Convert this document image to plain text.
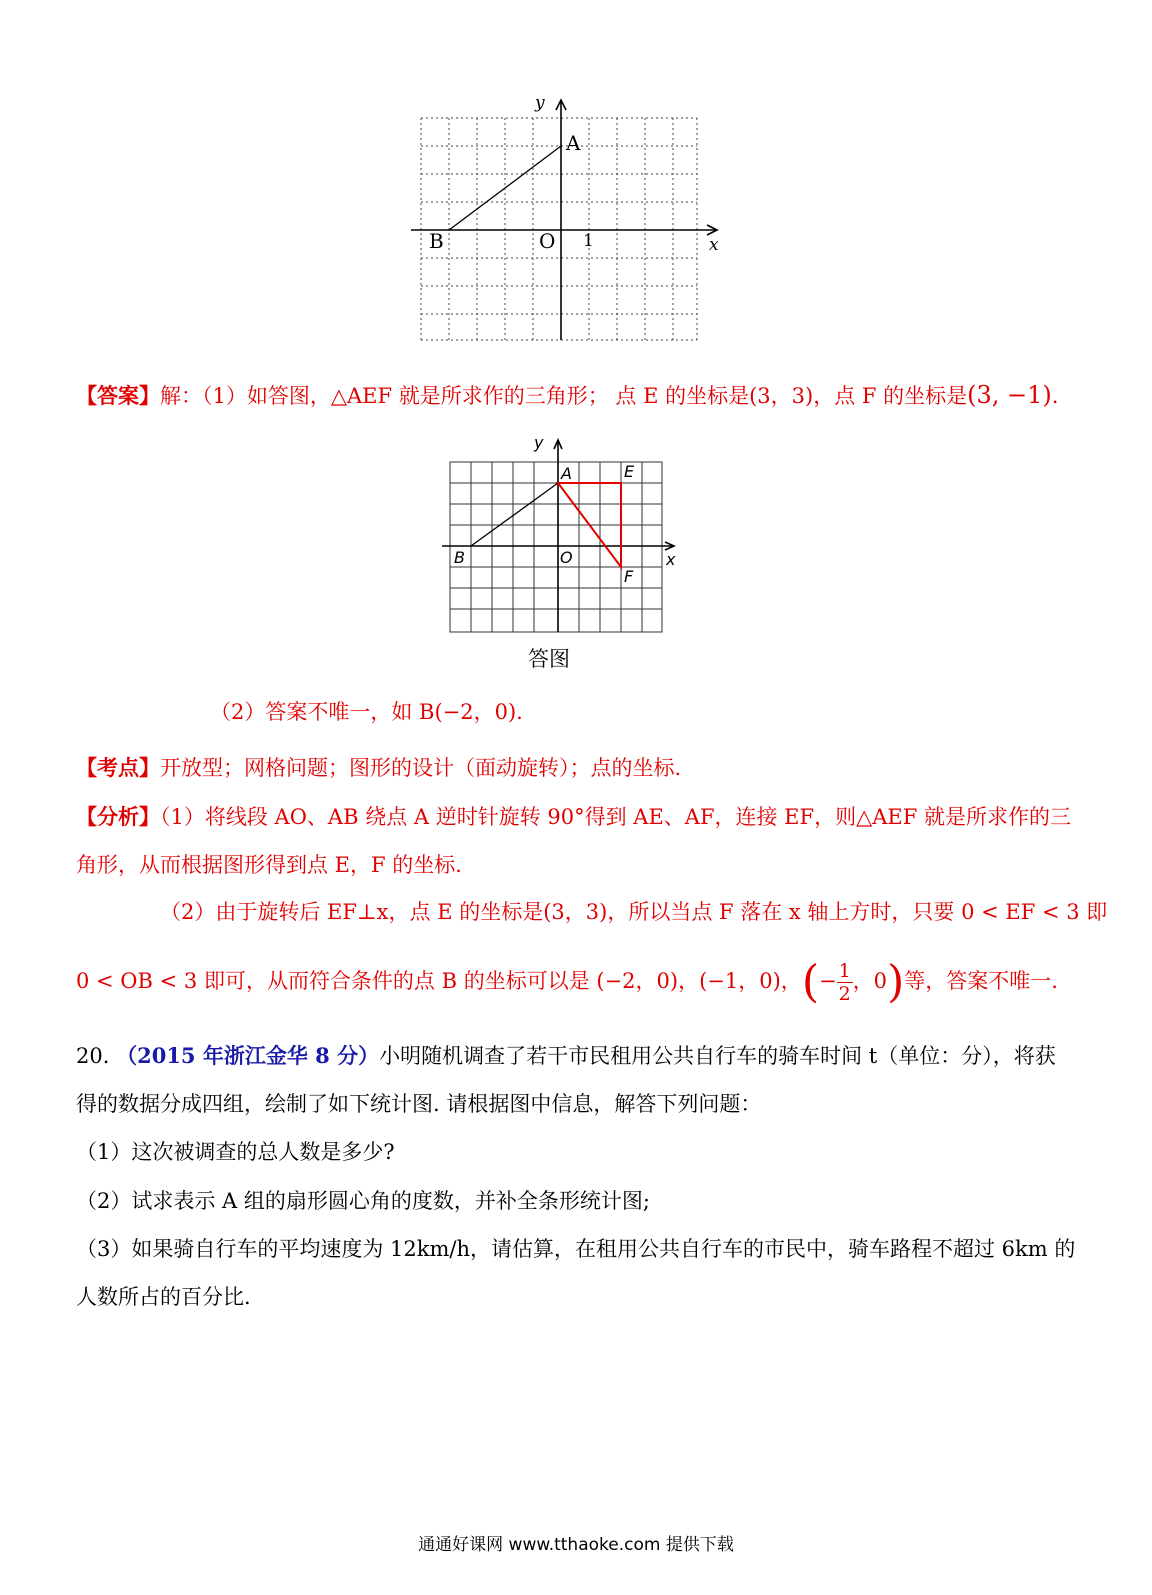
y
x
A
B	O 1
【答案】解：（1）如答图，△AEF 就是所求作的三角形； 点 E 的坐标是(3，3)，点 F 的坐标是(3, −1).
y
x
A	E
B	O
F
答图
（2）答案不唯一，如 B(−2，0).
【考点】开放型；网格问题；图形的设计（面动旋转）；点的坐标.
【分析】（1）将线段 AO、AB 绕点 A 逆时针旋转 90°得到 AE、AF，连接 EF，则△AEF 就是所求作的三
角形，从而根据图形得到点 E，F 的坐标.
（2）由于旋转后 EF⊥x，点 E 的坐标是(3，3)，所以当点 F 落在 x 轴上方时，只要 0 < EF < 3 即
0 < OB < 3 即可，从而符合条件的点 B 的坐标可以是 (−2，0)，(−1，0)，(− $\frac{1}{2}$ ，0)等，答案不唯一.
20. （2015 年浙江金华 8 分）小明随机调查了若干市民租用公共自行车的骑车时间 t（单位：分），将获
得的数据分成四组，绘制了如下统计图. 请根据图中信息，解答下列问题：
（1）这次被调查的总人数是多少?
（2）试求表示 A 组的扇形圆心角的度数，并补全条形统计图;
（3）如果骑自行车的平均速度为 12km/h，请估算，在租用公共自行车的市民中，骑车路程不超过 6km 的
人数所占的百分比.
通通好课网 www.tthaoke.com 提供下载
